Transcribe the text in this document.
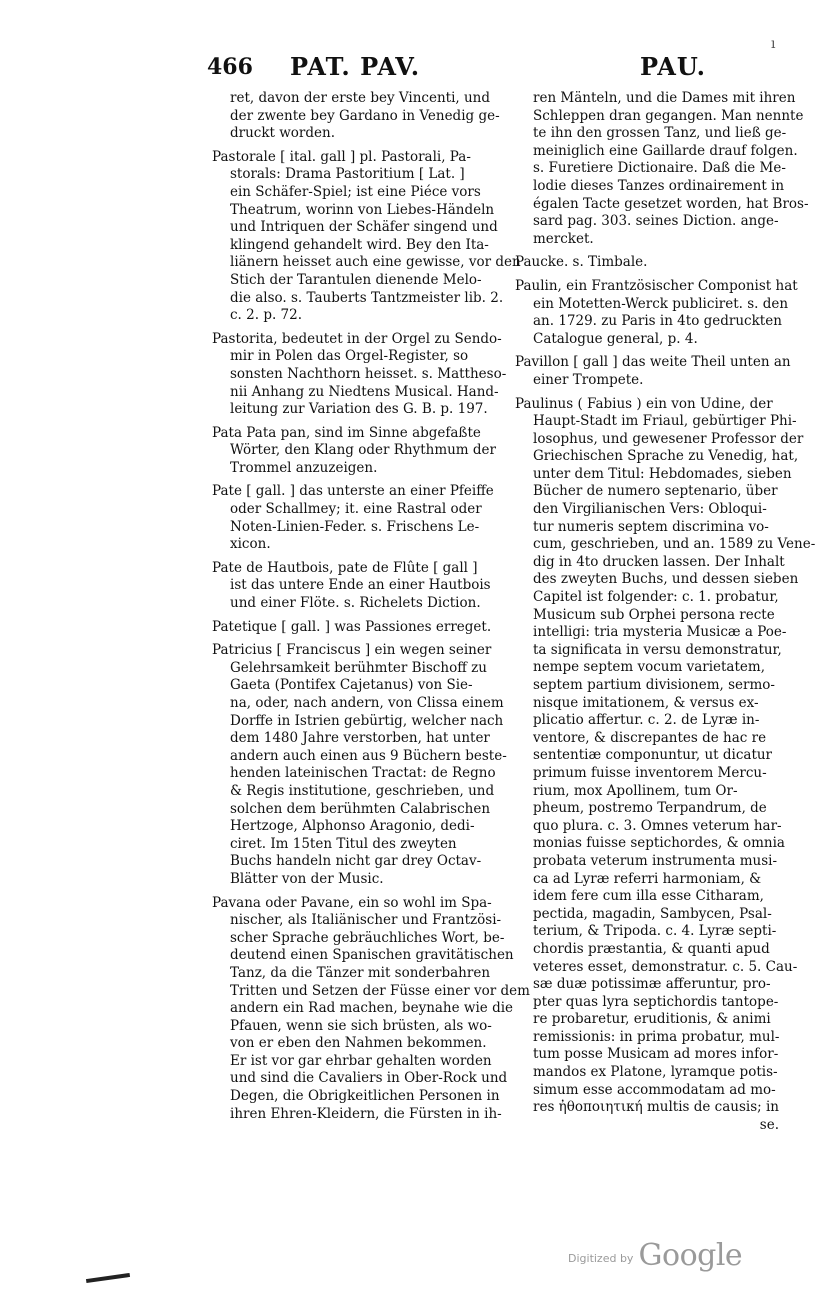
ı
466 PAT. PAV.	PAU.
ret, davon der erste bey Vincenti, und
der zwente bey Gardano in Venedig ge-
druckt worden.
Pastorale [ ital. gall ] pl. Pastorali, Pa-
storals: Drama Pastoritium [ Lat. ]
ein Schäfer-Spiel; ist eine Piéce vors
Theatrum, worinn von Liebes-Händeln
und Intriquen der Schäfer singend und
klingend gehandelt wird. Bey den Ita-
liänern heisset auch eine gewisse, vor den
Stich der Tarantulen dienende Melo-
die also. s. Tauberts Tantzmeister lib. 2.
c. 2. p. 72.
Pastorita, bedeutet in der Orgel zu Sendo-
mir in Polen das Orgel-Register, so
sonsten Nachthorn heisset. s. Mattheso-
nii Anhang zu Niedtens Musical. Hand-
leitung zur Variation des G. B. p. 197.
Pata Pata pan, sind im Sinne abgefaßte
Wörter, den Klang oder Rhythmum der
Trommel anzuzeigen.
Pate [ gall. ] das unterste an einer Pfeiffe
oder Schallmey; it. eine Rastral oder
Noten-Linien-Feder. s. Frischens Le-
xicon.
Pate de Hautbois, pate de Flûte [ gall ]
ist das untere Ende an einer Hautbois
und einer Flöte. s. Richelets Diction.
Patetique [ gall. ] was Passiones erreget.
Patricius [ Franciscus ] ein wegen seiner
Gelehrsamkeit berühmter Bischoff zu
Gaeta (Pontifex Cajetanus) von Sie-
na, oder, nach andern, von Clissa einem
Dorffe in Istrien gebürtig, welcher nach
dem 1480 Jahre verstorben, hat unter
andern auch einen aus 9 Büchern beste-
henden lateinischen Tractat: de Regno
& Regis institutione, geschrieben, und
solchen dem berühmten Calabrischen
Hertzoge, Alphonso Aragonio, dedi-
ciret. Im 15ten Titul des zweyten
Buchs handeln nicht gar drey Octav-
Blätter von der Music.
Pavana oder Pavane, ein so wohl im Spa-
nischer, als Italiänischer und Frantzösi-
scher Sprache gebräuchliches Wort, be-
deutend einen Spanischen gravitätischen
Tanz, da die Tänzer mit sonderbahren
Tritten und Setzen der Füsse einer vor dem
andern ein Rad machen, beynahe wie die
Pfauen, wenn sie sich brüsten, als wo-
von er eben den Nahmen bekommen.
Er ist vor gar ehrbar gehalten worden
und sind die Cavaliers in Ober-Rock und
Degen, die Obrigkeitlichen Personen in
ihren Ehren-Kleidern, die Fürsten in ih-
ren Mänteln, und die Dames mit ihren
Schleppen dran gegangen. Man nennte
te ihn den grossen Tanz, und ließ ge-
meiniglich eine Gaillarde drauf folgen.
s. Furetiere Dictionaire. Daß die Me-
lodie dieses Tanzes ordinairement in
égalen Tacte gesetzet worden, hat Bros-
sard pag. 303. seines Diction. ange-
mercket.
Paucke. s. Timbale.
Paulin, ein Frantzösischer Componist hat
ein Motetten-Werck publiciret. s. den
an. 1729. zu Paris in 4to gedruckten
Catalogue general, p. 4.
Pavillon [ gall ] das weite Theil unten an
einer Trompete.
Paulinus ( Fabius ) ein von Udine, der
Haupt-Stadt im Friaul, gebürtiger Phi-
losophus, und gewesener Professor der
Griechischen Sprache zu Venedig, hat,
unter dem Titul: Hebdomades, sieben
Bücher de numero septenario, über
den Virgilianischen Vers: Obloqui-
tur numeris septem discrimina vo-
cum, geschrieben, und an. 1589 zu Vene-
dig in 4to drucken lassen. Der Inhalt
des zweyten Buchs, und dessen sieben
Capitel ist folgender: c. 1. probatur,
Musicum sub Orphei persona recte
intelligi: tria mysteria Musicæ a Poe-
ta significata in versu demonstratur,
nempe septem vocum varietatem,
septem partium divisionem, sermo-
nisque imitationem, & versus ex-
plicatio affertur. c. 2. de Lyræ in-
ventore, & discrepantes de hac re
sententiæ componuntur, ut dicatur
primum fuisse inventorem Mercu-
rium, mox Apollinem, tum Or-
pheum, postremo Terpandrum, de
quo plura. c. 3. Omnes veterum har-
monias fuisse septichordes, & omnia
probata veterum instrumenta musi-
ca ad Lyræ referri harmoniam, &
idem fere cum illa esse Citharam,
pectida, magadin, Sambycen, Psal-
terium, & Tripoda. c. 4. Lyræ septi-
chordis præstantia, & quanti apud
veteres esset, demonstratur. c. 5. Cau-
sæ duæ potissimæ afferuntur, pro-
pter quas lyra septichordis tantope-
re probaretur, eruditionis, & animi
remissionis: in prima probatur, mul-
tum posse Musicam ad mores infor-
mandos ex Platone, lyramque potis-
simum esse accommodatam ad mo-
res ἠθοποιητική multis de causis; in
se.
Digitized by Google
